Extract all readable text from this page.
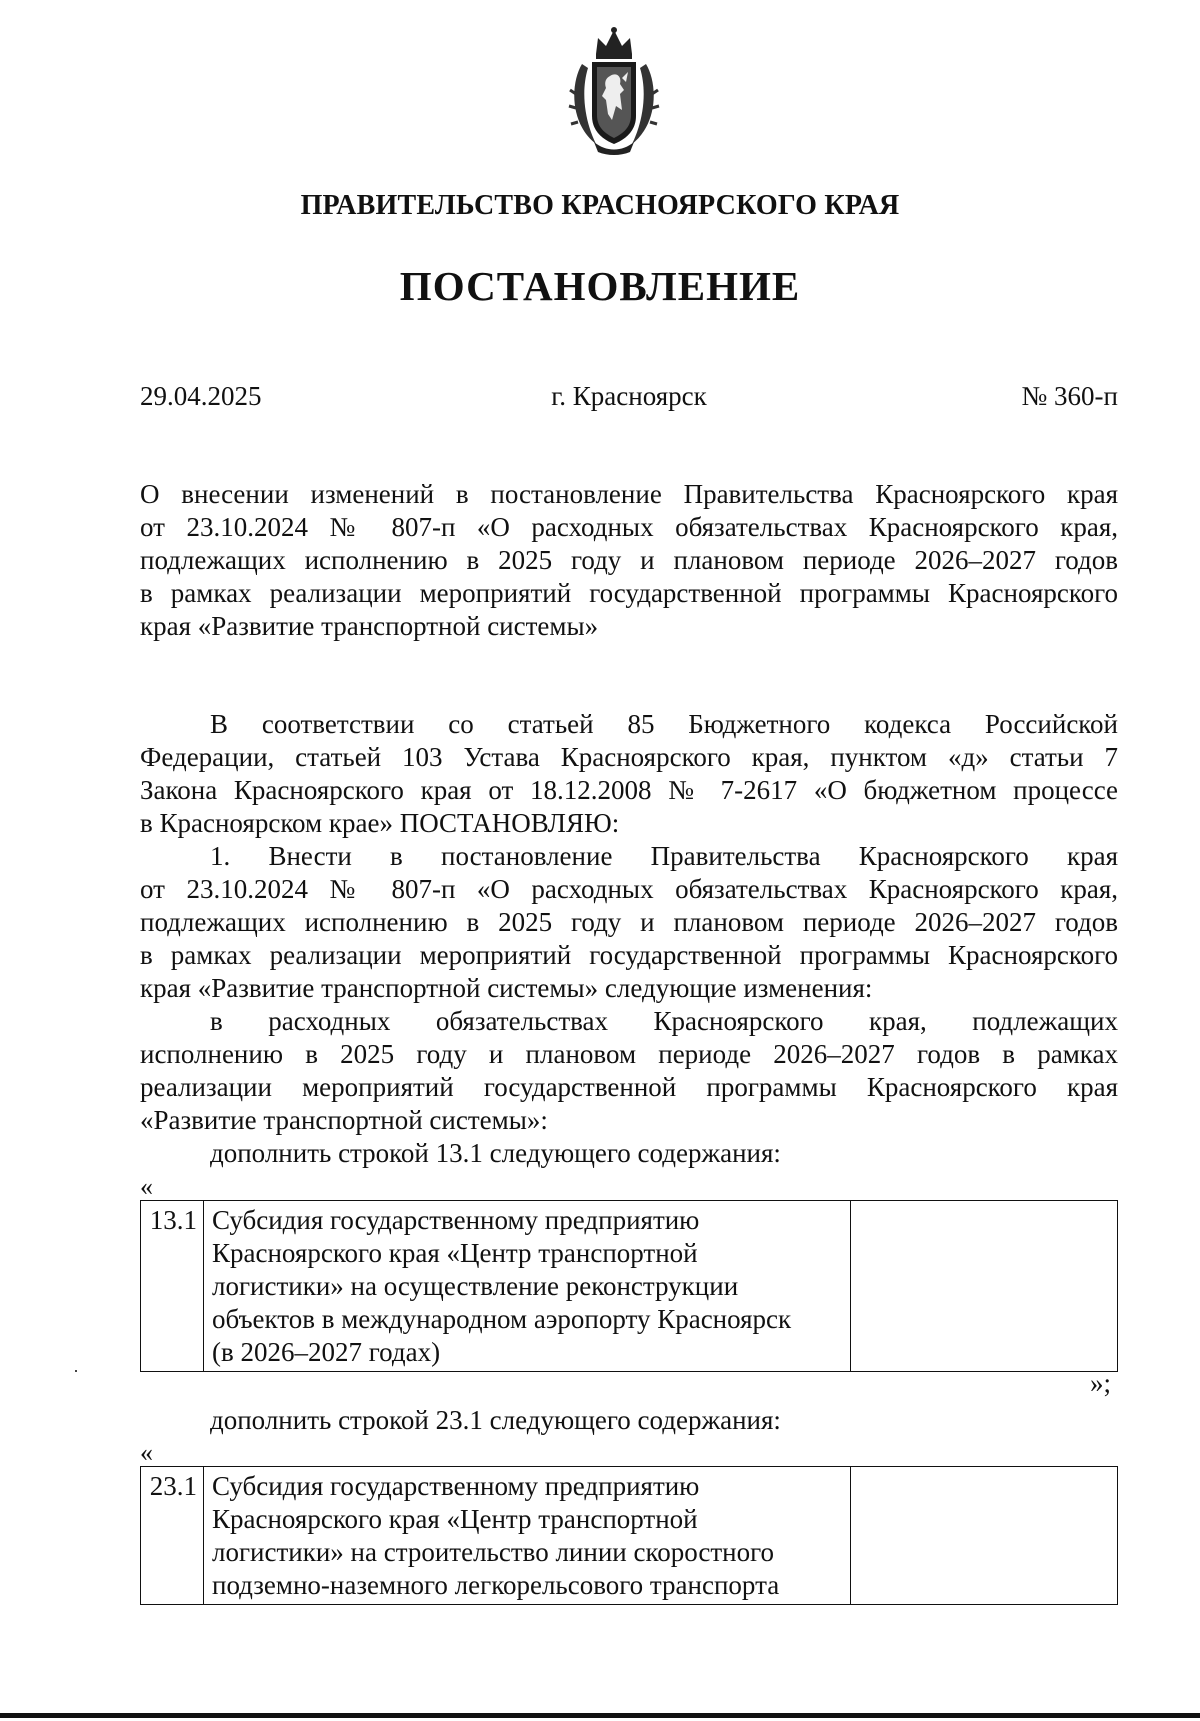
ПРАВИТЕЛЬСТВО КРАСНОЯРСКОГО КРАЯ
ПОСТАНОВЛЕНИЕ
29.04.2025	г. Красноярск	№ 360-п
О внесении изменений в постановление Правительства Красноярского края
от 23.10.2024 № 807-п «О расходных обязательствах Красноярского края,
подлежащих исполнению в 2025 году и плановом периоде 2026–2027 годов
в рамках реализации мероприятий государственной программы Красноярского
края «Развитие транспортной системы»
В соответствии со статьей 85 Бюджетного кодекса Российской
Федерации, статьей 103 Устава Красноярского края, пунктом «д» статьи 7
Закона Красноярского края от 18.12.2008 № 7-2617 «О бюджетном процессе
в Красноярском крае» ПОСТАНОВЛЯЮ:
1. Внести в постановление Правительства Красноярского края
от 23.10.2024 № 807-п «О расходных обязательствах Красноярского края,
подлежащих исполнению в 2025 году и плановом периоде 2026–2027 годов
в рамках реализации мероприятий государственной программы Красноярского
края «Развитие транспортной системы» следующие изменения:
в расходных обязательствах Красноярского края, подлежащих
исполнению в 2025 году и плановом периоде 2026–2027 годов в рамках
реализации мероприятий государственной программы Красноярского края
«Развитие транспортной системы»:
дополнить строкой 13.1 следующего содержания:
«
13.1	Субсидия государственному предприятию
Красноярского края «Центр транспортной
логистики» на осуществление реконструкции
объектов в международном аэропорту Красноярск
(в 2026–2027 годах)

»;
дополнить строкой 23.1 следующего содержания:
«
23.1	Субсидия государственному предприятию
Красноярского края «Центр транспортной
логистики» на строительство линии скоростного
подземно-наземного легкорельсового транспорта
